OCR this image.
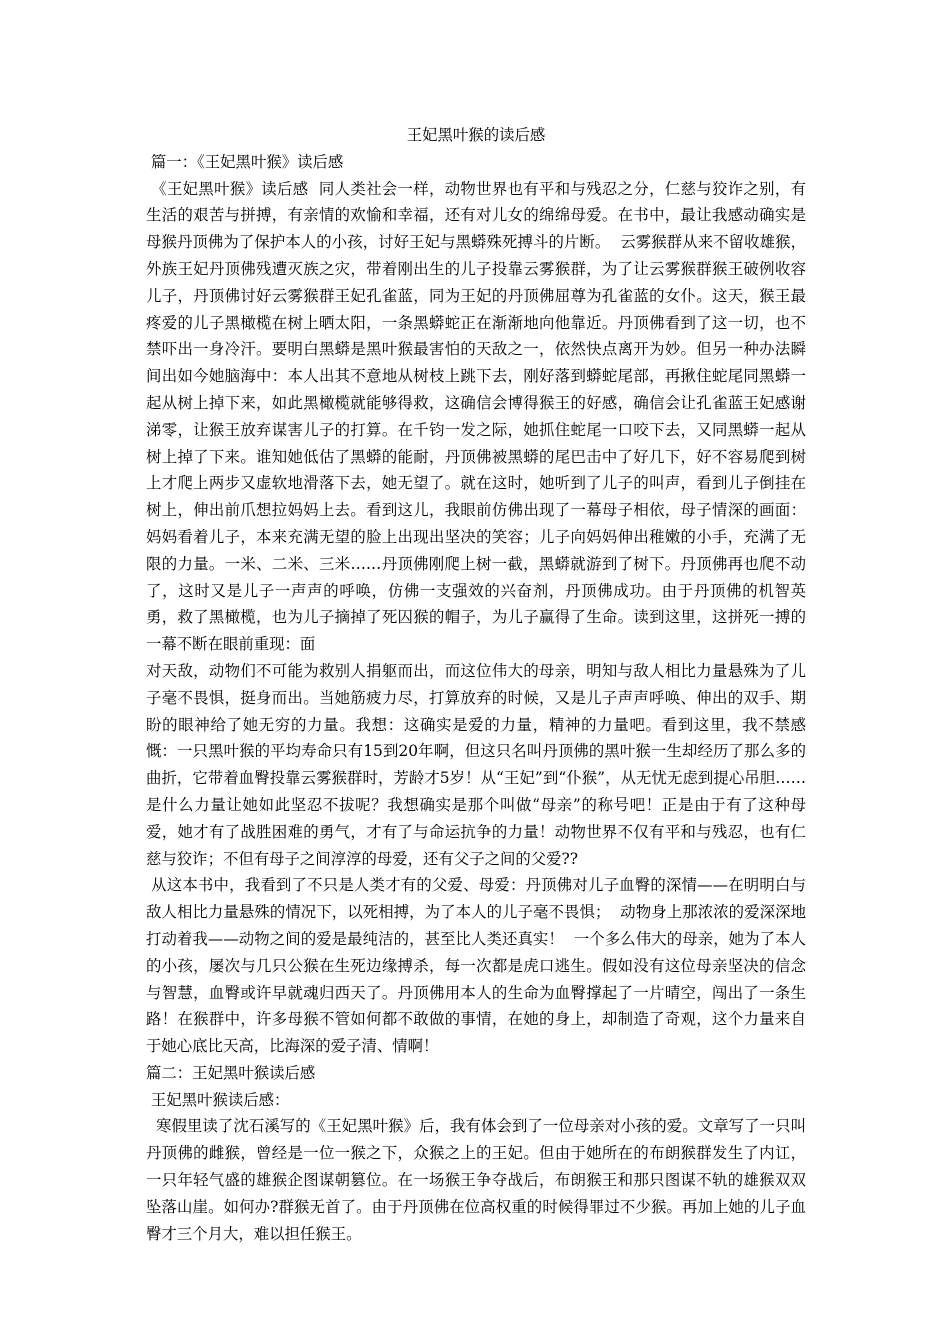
王妃黑叶猴的读后感

篇一：《王妃黑叶猴》读后感

《王妃黑叶猴》读后感  同人类社会一样，动物世界也有平和与残忍之分，仁慈与狡诈之别，有生活的艰苦与拼搏，有亲情的欢愉和幸福，还有对儿女的绵绵母爱。在书中，最让我感动确实是母猴丹顶佛为了保护本人的小孩，讨好王妃与黑蟒殊死搏斗的片断。  云雾猴群从来不留收雄猴，外族王妃丹顶佛残遭灭族之灾，带着刚出生的儿子投靠云雾猴群，为了让云雾猴群猴王破例收容儿子，丹顶佛讨好云雾猴群王妃孔雀蓝，同为王妃的丹顶佛屈尊为孔雀蓝的女仆。这天，猴王最疼爱的儿子黑橄榄在树上晒太阳，一条黑蟒蛇正在渐渐地向他靠近。丹顶佛看到了这一切，也不禁吓出一身冷汗。要明白黑蟒是黑叶猴最害怕的天敌之一，依然快点离开为妙。但另一种办法瞬间出如今她脑海中：本人出其不意地从树枝上跳下去，刚好落到蟒蛇尾部，再揪住蛇尾同黑蟒一起从树上掉下来，如此黑橄榄就能够得救，这确信会博得猴王的好感，确信会让孔雀蓝王妃感谢涕零，让猴王放弃谋害儿子的打算。在千钧一发之际，她抓住蛇尾一口咬下去，又同黑蟒一起从树上掉了下来。谁知她低估了黑蟒的能耐，丹顶佛被黑蟒的尾巴击中了好几下，好不容易爬到树上才爬上两步又虚软地滑落下去，她无望了。就在这时，她听到了儿子的叫声，看到儿子倒挂在树上，伸出前爪想拉妈妈上去。看到这儿，我眼前仿佛出现了一幕母子相依，母子情深的画面：妈妈看着儿子，本来充满无望的脸上出现出坚决的笑容；儿子向妈妈伸出稚嫩的小手，充满了无限的力量。一米、二米、三米……丹顶佛刚爬上树一截，黑蟒就游到了树下。丹顶佛再也爬不动了，这时又是儿子一声声的呼唤，仿佛一支强效的兴奋剂，丹顶佛成功。由于丹顶佛的机智英勇，救了黑橄榄，也为儿子摘掉了死囚猴的帽子，为儿子赢得了生命。读到这里，这拼死一搏的一幕不断在眼前重现：面

对天敌，动物们不可能为救别人捐躯而出，而这位伟大的母亲，明知与敌人相比力量悬殊为了儿子毫不畏惧，挺身而出。当她筋疲力尽，打算放弃的时候，又是儿子声声呼唤、伸出的双手、期盼的眼神给了她无穷的力量。我想：这确实是爱的力量，精神的力量吧。看到这里，我不禁感慨：一只黑叶猴的平均寿命只有15到20年啊，但这只名叫丹顶佛的黑叶猴一生却经历了那么多的曲折，它带着血臀投靠云雾猴群时，芳龄才5岁！从“王妃”到“仆猴”，从无忧无虑到提心吊胆……是什么力量让她如此坚忍不拔呢？我想确实是那个叫做“母亲”的称号吧！正是由于有了这种母爱，她才有了战胜困难的勇气，才有了与命运抗争的力量！动物世界不仅有平和与残忍，也有仁慈与狡诈；不但有母子之间淳淳的母爱，还有父子之间的父爱??

从这本书中，我看到了不只是人类才有的父爱、母爱：丹顶佛对儿子血臀的深情——在明明白与敌人相比力量悬殊的情况下，以死相搏，为了本人的儿子毫不畏惧；  动物身上那浓浓的爱深深地打动着我——动物之间的爱是最纯洁的，甚至比人类还真实！  一个多么伟大的母亲，她为了本人的小孩，屡次与几只公猴在生死边缘搏杀，每一次都是虎口逃生。假如没有这位母亲坚决的信念与智慧，血臀或许早就魂归西天了。丹顶佛用本人的生命为血臀撑起了一片晴空，闯出了一条生路！在猴群中，许多母猴不管如何都不敢做的事情，在她的身上，却制造了奇观，这个力量来自于她心底比天高，比海深的爱子清、情啊！

篇二：王妃黑叶猴读后感

王妃黑叶猴读后感：

寒假里读了沈石溪写的《王妃黑叶猴》后，我有体会到了一位母亲对小孩的爱。文章写了一只叫丹顶佛的雌猴，曾经是一位一猴之下，众猴之上的王妃。但由于她所在的布朗猴群发生了内讧，一只年轻气盛的雄猴企图谋朝篡位。在一场猴王争夺战后，布朗猴王和那只图谋不轨的雄猴双双坠落山崖。如何办?群猴无首了。由于丹顶佛在位高权重的时候得罪过不少猴。再加上她的儿子血臀才三个月大，难以担任猴王。
